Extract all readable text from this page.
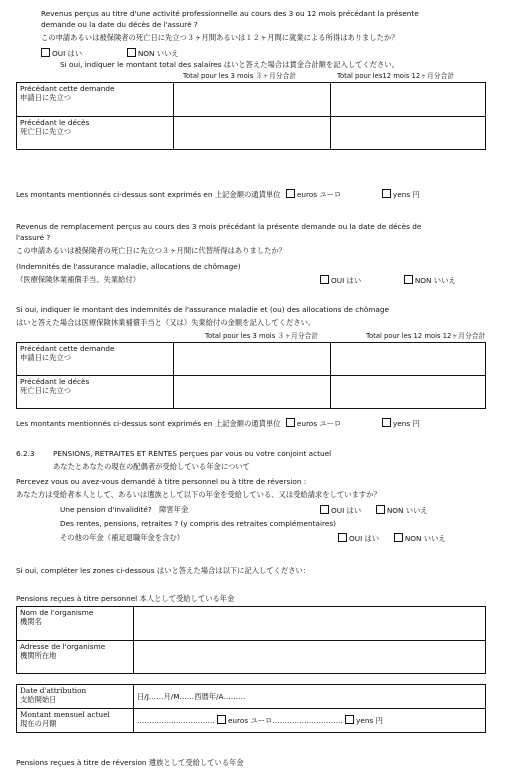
Revenus perçus au titre d'une activité professionnelle au cours des 3 ou 12 mois précédant la présente
demande ou la date du décès de l'assuré ?
この申請あるいは被保険者の死亡日に先立つ３ヶ月間あるいは１２ヶ月間に就業による所得はありましたか？
OUI はい	NON いいえ
Si oui, indiquer le montant total des salaires はいと答えた場合は賃金合計額を記入してください。
Total pour les 3 mois ３ヶ月分合計	Total pour les12 mois 12ヶ月分合計
Précédant cette demande
申請日に先立つ		

Précédant le décès
死亡日に先立つ		

Les montants mentionnés ci-dessus sont exprimés en 上記金額の通貨単位 euros ユーロ	yens 円
Revenus de remplacement perçus au cours des 3 mois précédant la présente demande ou la date de décès de
l'assuré ?
この申請あるいは被保険者の死亡日に先立つ３ヶ月間に代替所得はありましたか？
(Indemnités de l'assurance maladie, allocations de chômage)
（医療保険休業補償手当、失業給付）	OUI はい	NON いいえ
Si oui, indiquer le montant des indemnités de l'assurance maladie et (ou) des allocations de chômage
はいと答えた場合は医療保険休業補償手当と（又は）失業給付の金額を記入してください。
Total pour les 3 mois ３ヶ月分合計	Total pour les 12 mois 12ヶ月分合計
Précédant cette demande
申請日に先立つ		

Précédant le décès
死亡日に先立つ		

Les montants mentionnés ci-dessus sont exprimés en 上記金額の通貨単位 euros ユーロ	yens 円
6.2.3	PENSIONS, RETRAITES ET RENTES perçues par vous ou votre conjoint actuel
あなたとあなたの現在の配偶者が受給している年金について
Percevez vous ou avez-vous demandé à titre personnel ou à titre de réversion :
あなた方は受給者本人として、あるいは遺族として以下の年金を受給している、又は受給請求をしていますか？
Une pension d'invalidité?　障害年金	OUI はい	NON いいえ
Des rentes, pensions, retraites ? (y compris des retraites complémentaires)
その他の年金（補足退職年金を含む）	OUI はい	NON いいえ
Si oui, compléter les zones ci-dessous はいと答えた場合は以下に記入してください：
Pensions reçues à titre personnel 本人として受給している年金
Nom de l'organisme
機関名	

Adresse de l'organisme
機関所在地	

Date d'attribution
支給開始日	日/J……月/M……西暦年/A………

Montant mensuel actuel
現在の月額	………………………….. euros ユーロ……………………….. yens 円
Pensions reçues à titre de réversion 遺族として受給している年金
